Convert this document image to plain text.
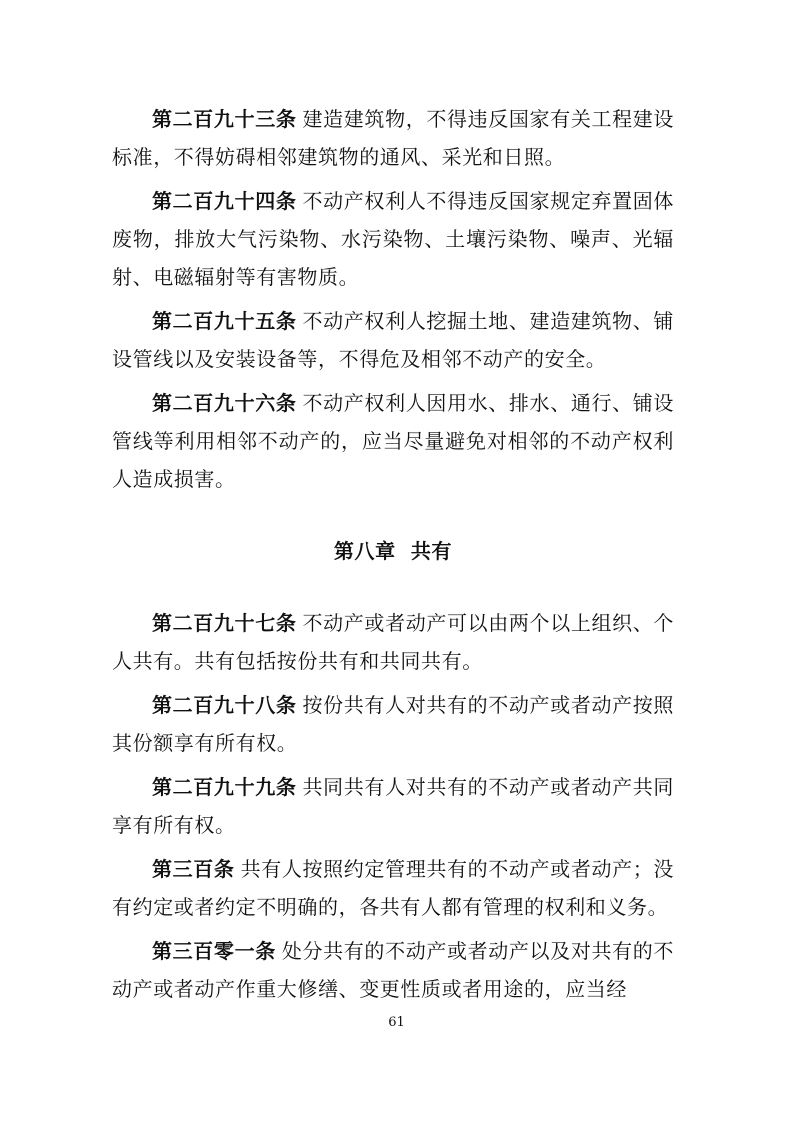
第二百九十三条 建造建筑物，不得违反国家有关工程建设标准，不得妨碍相邻建筑物的通风、采光和日照。

第二百九十四条 不动产权利人不得违反国家规定弃置固体废物，排放大气污染物、水污染物、土壤污染物、噪声、光辐射、电磁辐射等有害物质。

第二百九十五条 不动产权利人挖掘土地、建造建筑物、铺设管线以及安装设备等，不得危及相邻不动产的安全。

第二百九十六条 不动产权利人因用水、排水、通行、铺设管线等利用相邻不动产的，应当尽量避免对相邻的不动产权利人造成损害。

第八章  共有

第二百九十七条 不动产或者动产可以由两个以上组织、个人共有。共有包括按份共有和共同共有。

第二百九十八条 按份共有人对共有的不动产或者动产按照其份额享有所有权。

第二百九十九条 共同共有人对共有的不动产或者动产共同享有所有权。

第三百条 共有人按照约定管理共有的不动产或者动产；没有约定或者约定不明确的，各共有人都有管理的权利和义务。

第三百零一条 处分共有的不动产或者动产以及对共有的不动产或者动产作重大修缮、变更性质或者用途的，应当经

61
